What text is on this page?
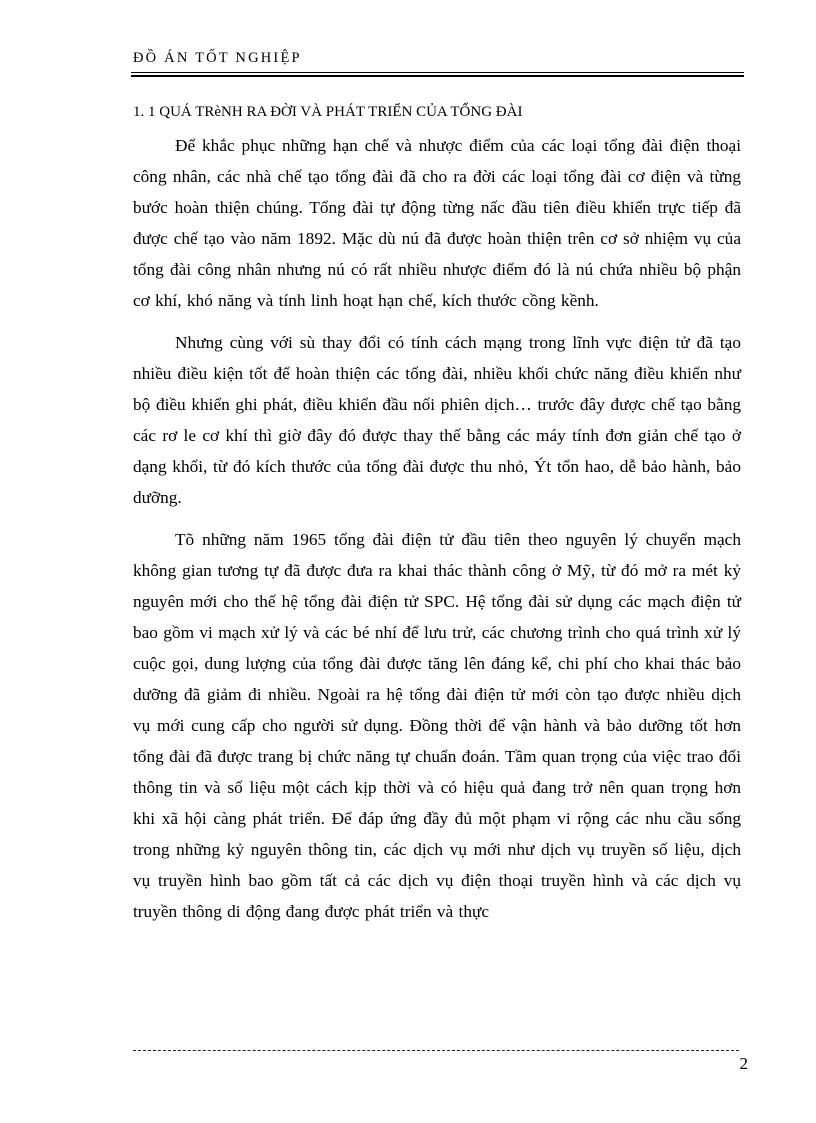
ĐỒ ÁN TỐT NGHIỆP
1. 1 QUÁ TRèNH RA ĐỜI VÀ PHÁT TRIỂN CỦA TỔNG ĐÀI

Để khắc phục những hạn chế và nhược điểm của các loại tổng đài điện thoại công nhân, các nhà chế tạo tổng đài đã cho ra đời các loại tổng đài cơ điện và từng bước hoàn thiện chúng. Tổng đài tự động từng nấc đầu tiên điều khiển trực tiếp đã được chế tạo vào năm 1892. Mặc dù nú đã được hoàn thiện trên cơ sở nhiệm vụ của tổng đài công nhân nhưng nú có rất nhiều nhược điểm đó là nú chứa nhiều bộ phận cơ khí, khó năng và tính linh hoạt hạn chế, kích thước cồng kềnh.

Nhưng cùng với sù thay đổi có tính cách mạng trong lĩnh vực điện tử đã tạo nhiều điều kiện tốt để hoàn thiện các tổng đài, nhiều khối chức năng điều khiển như bộ điều khiển ghi phát, điều khiển đầu nối phiên dịch… trước đây được chế tạo bằng các rơ le cơ khí thì giờ đây đó được thay thế bằng các máy tính đơn giản chế tạo ở dạng khối, từ đó kích thước của tổng đài được thu nhỏ, Ýt tổn hao, dễ bảo hành, bảo dưỡng.

Tõ những năm 1965 tổng đài điện tử đầu tiên theo nguyên lý chuyển mạch không gian tương tự đã được đưa ra khai thác thành công ở Mỹ, từ đó mở ra mét kỷ nguyên mới cho thế hệ tổng đài điện tử SPC. Hệ tổng đài sử dụng các mạch điện tử bao gồm vi mạch xử lý và các bé nhí để lưu trử, các chương trình cho quá trình xử lý cuộc gọi, dung lượng của tổng đài được tăng lên đáng kể, chi phí cho khai thác bảo dưỡng đã giảm đi nhiều. Ngoài ra hệ tổng đài điện tử mới còn tạo được nhiều dịch vụ mới cung cấp cho người sử dụng. Đồng thời để vận hành và bảo dưỡng tốt hơn tổng đài đã được trang bị chức năng tự chuẩn đoán. Tầm quan trọng của việc trao đổi thông tin và số liệu một cách kịp thời và có hiệu quả đang trở nên quan trọng hơn khi xã hội càng phát triển. Để đáp ứng đầy đủ một phạm vi rộng các nhu cầu sống trong những kỷ nguyên thông tin, các dịch vụ mới như dịch vụ truyền số liệu, dịch vụ truyền hình bao gồm tất cả các dịch vụ điện thoại truyền hình và các dịch vụ truyền thông di động đang được phát triển và thực

2
